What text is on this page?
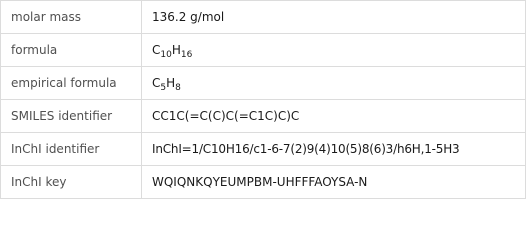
molar mass	136.2 g/mol
formula	$C_{10}H_{16}$
empirical formula	$C_5H_8$
SMILES identifier	CC1C(=C(C)C(=C1C)C)C
InChI identifier	InChI=1/C10H16/c1-6-7(2)9(4)10(5)8(6)3/h6H,1-5H3
InChI key	WQIQNKQYEUMPBM-UHFFFAOYSA-N
